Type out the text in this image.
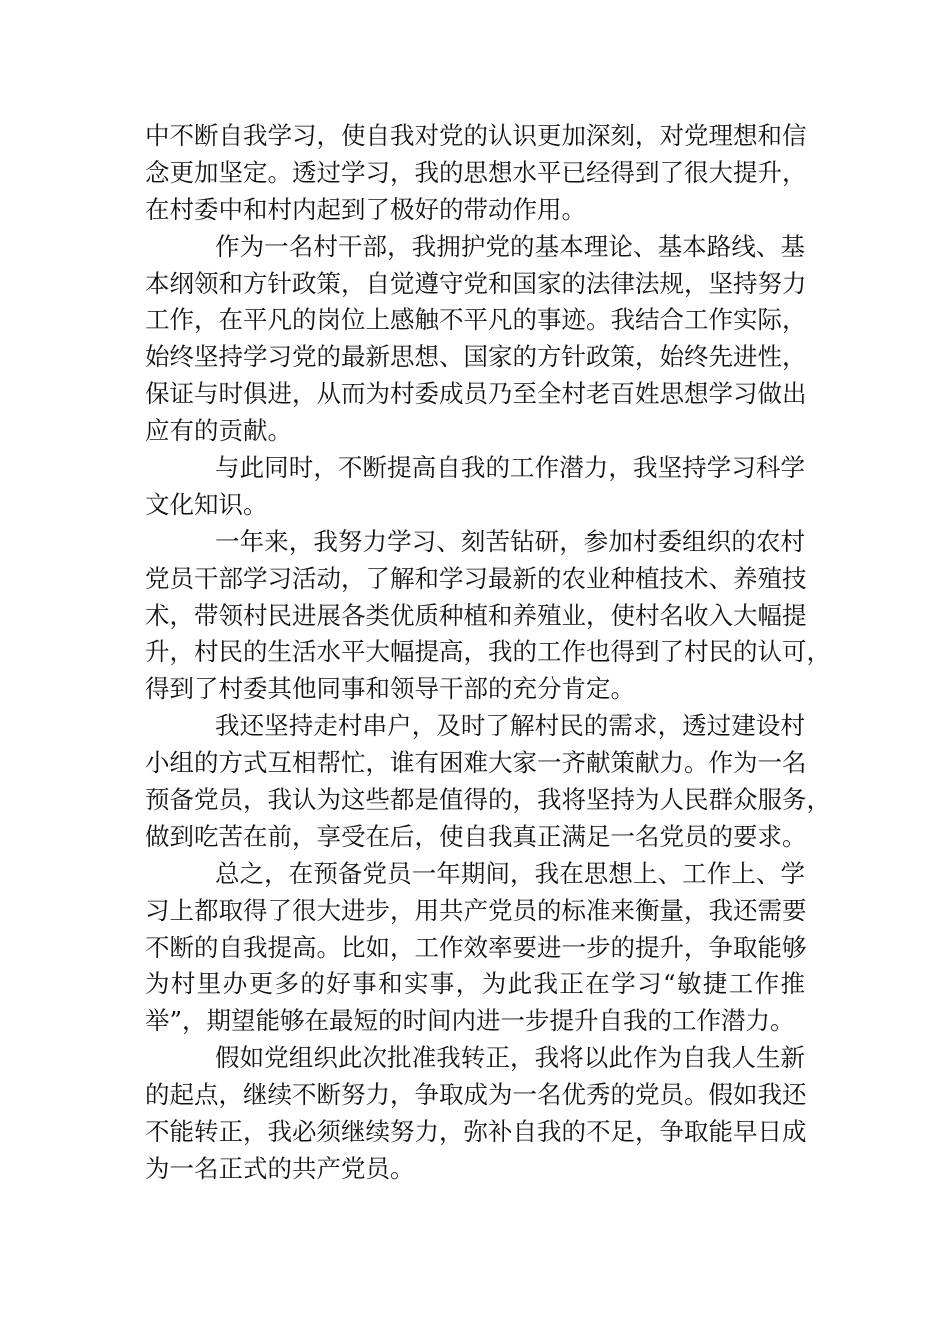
中不断自我学习，使自我对党的认识更加深刻，对党理想和信
念更加坚定。透过学习，我的思想水平已经得到了很大提升，
在村委中和村内起到了极好的带动作用。
作为一名村干部，我拥护党的基本理论、基本路线、基
本纲领和方针政策，自觉遵守党和国家的法律法规，坚持努力
工作，在平凡的岗位上感触不平凡的事迹。我结合工作实际，
始终坚持学习党的最新思想、国家的方针政策，始终先进性，
保证与时俱进，从而为村委成员乃至全村老百姓思想学习做出
应有的贡献。
与此同时，不断提高自我的工作潜力，我坚持学习科学
文化知识。
一年来，我努力学习、刻苦钻研，参加村委组织的农村
党员干部学习活动，了解和学习最新的农业种植技术、养殖技
术，带领村民进展各类优质种植和养殖业，使村名收入大幅提
升，村民的生活水平大幅提高，我的工作也得到了村民的认可，
得到了村委其他同事和领导干部的充分肯定。
我还坚持走村串户，及时了解村民的需求，透过建设村
小组的方式互相帮忙，谁有困难大家一齐献策献力。作为一名
预备党员，我认为这些都是值得的，我将坚持为人民群众服务，
做到吃苦在前，享受在后，使自我真正满足一名党员的要求。
总之，在预备党员一年期间，我在思想上、工作上、学
习上都取得了很大进步，用共产党员的标准来衡量，我还需要
不断的自我提高。比如，工作效率要进一步的提升，争取能够
为村里办更多的好事和实事，为此我正在学习“敏捷工作推
举”，期望能够在最短的时间内进一步提升自我的工作潜力。
假如党组织此次批准我转正，我将以此作为自我人生新
的起点，继续不断努力，争取成为一名优秀的党员。假如我还
不能转正，我必须继续努力，弥补自我的不足，争取能早日成
为一名正式的共产党员。
